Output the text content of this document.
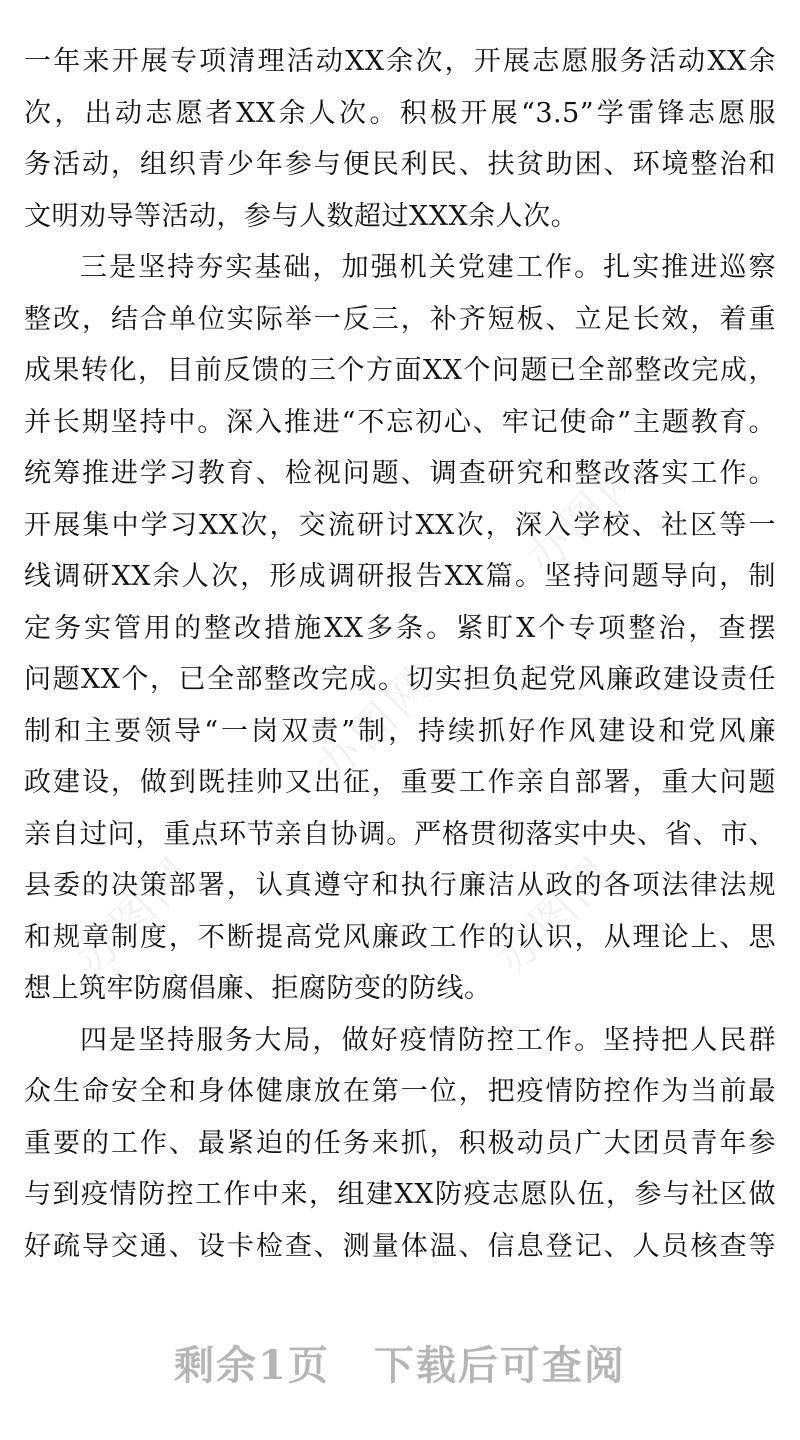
办图网
办图网
办图网
办图网
一年来开展专项清理活动XX余次，开展志愿服务活动XX余
次，出动志愿者XX余人次。积极开展“3.5”学雷锋志愿服
务活动，组织青少年参与便民利民、扶贫助困、环境整治和
文明劝导等活动，参与人数超过XXX余人次。
三是坚持夯实基础，加强机关党建工作。扎实推进巡察
整改，结合单位实际举一反三，补齐短板、立足长效，着重
成果转化，目前反馈的三个方面XX个问题已全部整改完成，
并长期坚持中。深入推进“不忘初心、牢记使命”主题教育。
统筹推进学习教育、检视问题、调查研究和整改落实工作。
开展集中学习XX次，交流研讨XX次，深入学校、社区等一
线调研XX余人次，形成调研报告XX篇。坚持问题导向，制
定务实管用的整改措施XX多条。紧盯X个专项整治，查摆
问题XX个，已全部整改完成。切实担负起党风廉政建设责任
制和主要领导“一岗双责”制，持续抓好作风建设和党风廉
政建设，做到既挂帅又出征，重要工作亲自部署，重大问题
亲自过问，重点环节亲自协调。严格贯彻落实中央、省、市、
县委的决策部署，认真遵守和执行廉洁从政的各项法律法规
和规章制度，不断提高党风廉政工作的认识，从理论上、思
想上筑牢防腐倡廉、拒腐防变的防线。
四是坚持服务大局，做好疫情防控工作。坚持把人民群
众生命安全和身体健康放在第一位，把疫情防控作为当前最
重要的工作、最紧迫的任务来抓，积极动员广大团员青年参
与到疫情防控工作中来，组建XX防疫志愿队伍，参与社区做
好疏导交通、设卡检查、测量体温、信息登记、人员核查等
剩余1页 下载后可查阅
